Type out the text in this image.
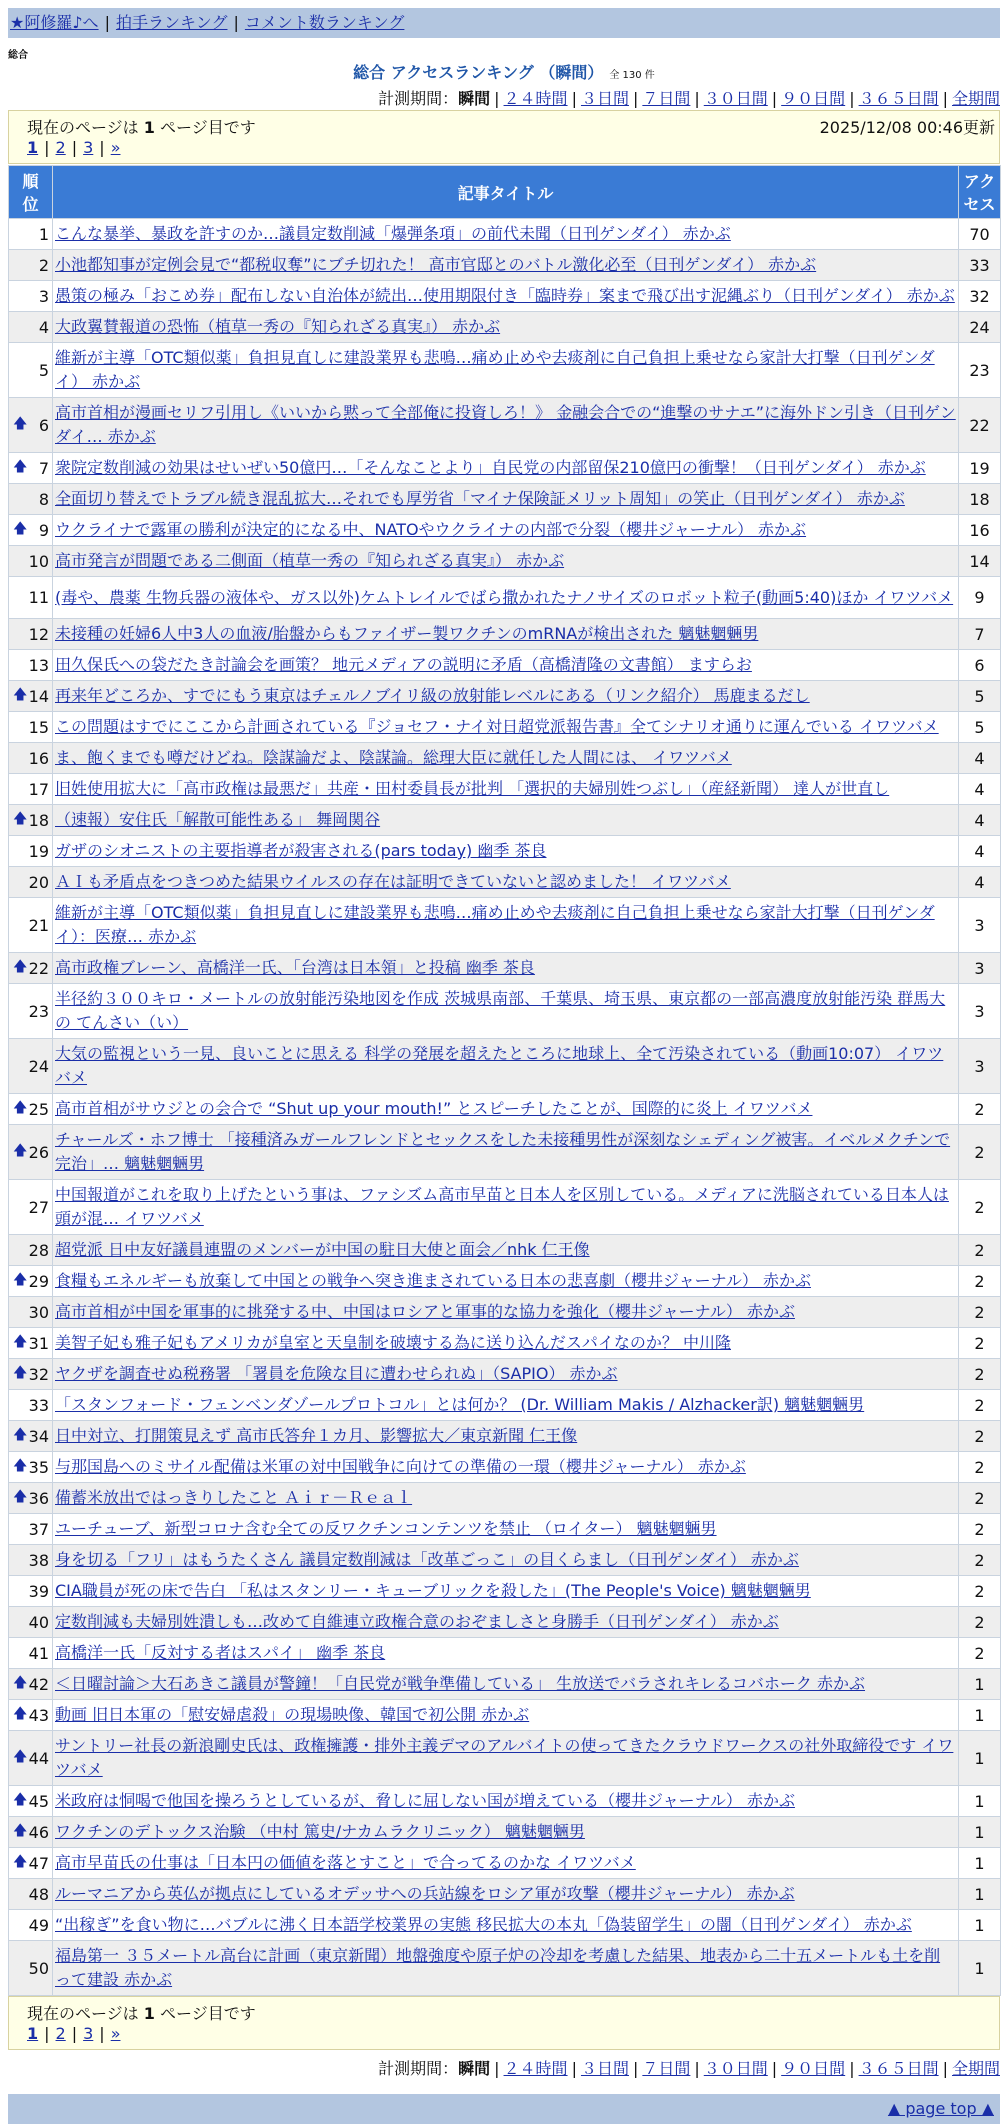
★阿修羅♪へ | 拍手ランキング | コメント数ランキング
総合
総合 アクセスランキング （瞬間） 全 130 件
計測期間：瞬間 | ２４時間 | ３日間 | ７日間 | ３０日間 | ９０日間 | ３６５日間 | 全期間
現在のページは 1 ページ目です	2025/12/08 00:46更新
1 | 2 | 3 | »
順
位	記事タイトル	アク
セス
1	こんな暴挙、暴政を許すのか…議員定数削減「爆弾条項」の前代未聞（日刊ゲンダイ） 赤かぶ	70
2	小池都知事が定例会見で“都税収奪”にブチ切れた！ 高市官邸とのバトル激化必至（日刊ゲンダイ） 赤かぶ	33
3	愚策の極み「おこめ券」配布しない自治体が続出…使用期限付き「臨時券」案まで飛び出す泥縄ぶり（日刊ゲンダイ） 赤かぶ	32
4	大政翼賛報道の恐怖（植草一秀の『知られざる真実』） 赤かぶ	24
5	維新が主導「OTC類似薬」負担見直しに建設業界も悲鳴…痛め止めや去痰剤に自己負担上乗せなら家計大打撃（日刊ゲンダイ） 赤かぶ	23

🡅 6	高市首相が漫画セリフ引用し《いいから黙って全部俺に投資しろ！》 金融会合での“進撃のサナエ”に海外ドン引き（日刊ゲンダイ… 赤かぶ	22

🡅 7	衆院定数削減の効果はせいぜい50億円…「そんなことより」自民党の内部留保210億円の衝撃！（日刊ゲンダイ） 赤かぶ	19
8	全面切り替えでトラブル続き混乱拡大…それでも厚労省「マイナ保険証メリット周知」の笑止（日刊ゲンダイ） 赤かぶ	18

🡅 9	ウクライナで露軍の勝利が決定的になる中、NATOやウクライナの内部で分裂（櫻井ジャーナル） 赤かぶ	16
10	高市発言が問題である二側面（植草一秀の『知られざる真実』） 赤かぶ	14
11	(毒や、農薬 生物兵器の液体や、ガス以外)ケムトレイルでばら撒かれたナノサイズのロボット粒子(動画5:40)ほか イワツバメ	9
12	未接種の妊婦6人中3人の血液/胎盤からもファイザー製ワクチンのmRNAが検出された 魑魅魍魎男	7
13	田久保氏への袋だたき討論会を画策？ 地元メディアの説明に矛盾（高橋清隆の文書館） ますらお	6

🡅 14	再来年どころか、すでにもう東京はチェルノブイリ級の放射能レベルにある（リンク紹介） 馬鹿まるだし	5
15	この問題はすでにここから計画されている『ジョセフ・ナイ対日超党派報告書』全てシナリオ通りに運んでいる イワツバメ	5
16	ま、飽くまでも噂だけどね。陰謀論だよ、陰謀論。総理大臣に就任した人間には、 イワツバメ	4
17	旧姓使用拡大に「高市政権は最悪だ」共産・田村委員長が批判 「選択的夫婦別姓つぶし」（産経新聞） 達人が世直し	4

🡅 18	（速報）安住氏「解散可能性ある」 舞岡関谷	4
19	ガザのシオニストの主要指導者が殺害される(pars today) 幽季 茶良	4
20	ＡＩも矛盾点をつきつめた結果ウイルスの存在は証明できていないと認めました！ イワツバメ	4
21	維新が主導「OTC類似薬」負担見直しに建設業界も悲鳴…痛め止めや去痰剤に自己負担上乗せなら家計大打撃（日刊ゲンダイ）：医療… 赤かぶ	3

🡅 22	高市政権ブレーン、高橋洋一氏、「台湾は日本領」と投稿 幽季 茶良	3
23	半径約３００キロ・メートルの放射能汚染地図を作成 茨城県南部、千葉県、埼玉県、東京都の一部高濃度放射能汚染 群馬大の てんさい（い）	3
24	大気の監視という一見、良いことに思える 科学の発展を超えたところに地球上、全て汚染されている（動画10:07） イワツバメ	3

🡅 25	高市首相がサウジとの会合で “Shut up your mouth!” とスピーチしたことが、国際的に炎上 イワツバメ	2

🡅 26	チャールズ・ホフ博士 「接種済みガールフレンドとセックスをした未接種男性が深刻なシェディング被害。イベルメクチンで完治」… 魑魅魍魎男	2
27	中国報道がこれを取り上げたという事は、ファシズム高市早苗と日本人を区別している。メディアに洗脳されている日本人は頭が混… イワツバメ	2
28	超党派 日中友好議員連盟のメンバーが中国の駐日大使と面会／nhk 仁王像	2

🡅 29	食糧もエネルギーも放棄して中国との戦争へ突き進まされている日本の悲喜劇（櫻井ジャーナル） 赤かぶ	2
30	高市首相が中国を軍事的に挑発する中、中国はロシアと軍事的な協力を強化（櫻井ジャーナル） 赤かぶ	2

🡅 31	美智子妃も雅子妃もアメリカが皇室と天皇制を破壊する為に送り込んだスパイなのか？ 中川隆	2

🡅 32	ヤクザを調査せぬ税務署 「署員を危険な目に遭わせられぬ」（SAPIO） 赤かぶ	2
33	「スタンフォード・フェンベンダゾールプロトコル」とは何か？ (Dr. William Makis / Alzhacker訳) 魑魅魍魎男	2

🡅 34	日中対立、打開策見えず 高市氏答弁１カ月、影響拡大／東京新聞 仁王像	2

🡅 35	与那国島へのミサイル配備は米軍の対中国戦争に向けての準備の一環（櫻井ジャーナル） 赤かぶ	2

🡅 36	備蓄米放出ではっきりしたこと Ａｉｒ－Ｒｅａｌ	2
37	ユーチューブ、新型コロナ含む全ての反ワクチンコンテンツを禁止 （ロイター） 魑魅魍魎男	2
38	身を切る「フリ」はもうたくさん 議員定数削減は「改革ごっこ」の目くらまし（日刊ゲンダイ） 赤かぶ	2
39	CIA職員が死の床で告白 「私はスタンリー・キューブリックを殺した」(The People's Voice) 魑魅魍魎男	2
40	定数削減も夫婦別姓潰しも…改めて自維連立政権合意のおぞましさと身勝手（日刊ゲンダイ） 赤かぶ	2
41	高橋洋一氏「反対する者はスパイ」 幽季 茶良	2

🡅 42	＜日曜討論＞大石あきこ議員が警鐘！「自民党が戦争準備している」 生放送でバラされキレるコバホーク 赤かぶ	1

🡅 43	動画 旧日本軍の「慰安婦虐殺」の現場映像、韓国で初公開 赤かぶ	1

🡅 44	サントリー社長の新浪剛史氏は、政権擁護・排外主義デマのアルバイトの使ってきたクラウドワークスの社外取締役です イワツバメ	1

🡅 45	米政府は恫喝で他国を操ろうとしているが、脅しに屈しない国が増えている（櫻井ジャーナル） 赤かぶ	1

🡅 46	ワクチンのデトックス治験 （中村 篤史/ナカムラクリニック） 魑魅魍魎男	1

🡅 47	高市早苗氏の仕事は「日本円の価値を落とすこと」で合ってるのかな イワツバメ	1
48	ルーマニアから英仏が拠点にしているオデッサへの兵站線をロシア軍が攻撃（櫻井ジャーナル） 赤かぶ	1
49	“出稼ぎ”を食い物に…バブルに沸く日本語学校業界の実態 移民拡大の本丸「偽装留学生」の闇（日刊ゲンダイ） 赤かぶ	1
50	福島第一 ３５メートル高台に計画（東京新聞）地盤強度や原子炉の冷却を考慮した結果、地表から二十五メートルも土を削って建設 赤かぶ	1
現在のページは 1 ページ目です
1 | 2 | 3 | »
計測期間：瞬間 | ２４時間 | ３日間 | ７日間 | ３０日間 | ９０日間 | ３６５日間 | 全期間
▲ page top ▲
